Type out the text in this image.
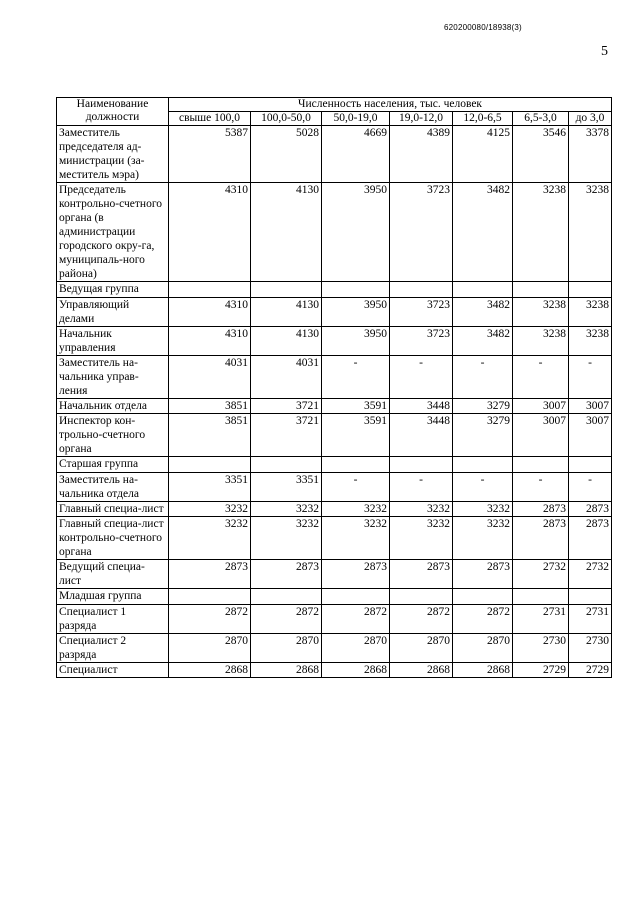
620200080/18938(3)
5
Наименование должности	Численность населения, тыс. человек						
	свыше 100,0	100,0-50,0	50,0-19,0	19,0-12,0	12,0-6,5	6,5-3,0	до 3,0
Заместитель председателя ад-министрации (за-меститель мэра)	5387	5028	4669	4389	4125	3546	3378
Председатель контрольно-счетного органа (в администрации городского окру-га, муниципаль-ного района)	4310	4130	3950	3723	3482	3238	3238
Ведущая группа							
Управляющий делами	4310	4130	3950	3723	3482	3238	3238
Начальник управления	4310	4130	3950	3723	3482	3238	3238
Заместитель на-чальника управ-ления	4031	4031	-	-	-	-	-
Начальник отдела	3851	3721	3591	3448	3279	3007	3007
Инспектор кон-трольно-счетного органа	3851	3721	3591	3448	3279	3007	3007
Старшая группа							
Заместитель на-чальника отдела	3351	3351	-	-	-	-	-
Главный специа-лист	3232	3232	3232	3232	3232	2873	2873
Главный специа-лист контрольно-счетного органа	3232	3232	3232	3232	3232	2873	2873
Ведущий специа-лист	2873	2873	2873	2873	2873	2732	2732
Младшая группа							
Специалист 1 разряда	2872	2872	2872	2872	2872	2731	2731
Специалист 2 разряда	2870	2870	2870	2870	2870	2730	2730
Специалист	2868	2868	2868	2868	2868	2729	2729
